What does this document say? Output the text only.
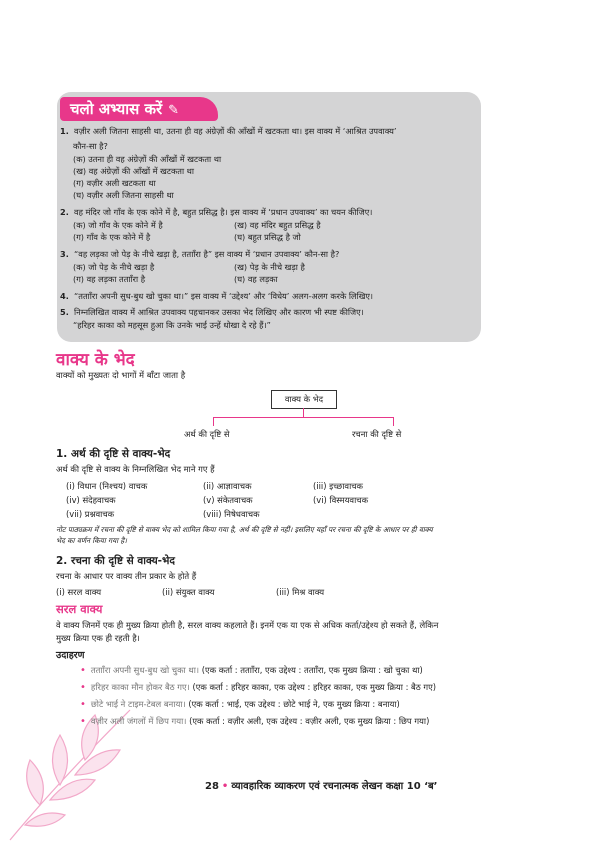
चलो अभ्यास करें ✎
1. वज़ीर अली जितना साहसी था, उतना ही वह अंग्रेज़ों की आँखों में खटकता था। इस वाक्य में ‘आश्रित उपवाक्य’
कौन-सा है?
(क) उतना ही वह अंग्रेज़ों की आँखों में खटकता था
(ख) वह अंग्रेज़ों की आँखों में खटकता था
(ग) वज़ीर अली खटकता था
(घ) वज़ीर अली जितना साहसी था
2. वह मंदिर जो गाँव के एक कोने में है, बहुत प्रसिद्ध है। इस वाक्य में ‘प्रधान उपवाक्य’ का चयन कीजिए।
(क) जो गाँव के एक कोने में है	(ख) वह मंदिर बहुत प्रसिद्ध है
(ग) गाँव के एक कोने में है	(घ) बहुत प्रसिद्ध है जो
3. “वह लड़का जो पेड़ के नीचे खड़ा है, ततााँरा है” इस वाक्य में ‘प्रधान उपवाक्य’ कौन-सा है?
(क) जो पेड़ के नीचे खड़ा है	(ख) पेड़ के नीचे खड़ा है
(ग) वह लड़का ततााँरा है	(घ) वह लड़का
4. “ततााँरा अपनी सुध-बुध खो चुका था।” इस वाक्य में ‘उद्देश्य’ और ‘विधेय’ अलग-अलग करके लिखिए।
5. निम्नलिखित वाक्य में आश्रित उपवाक्य पहचानकर उसका भेद लिखिए और कारण भी स्पष्ट कीजिए।
“हरिहर काका को महसूस हुआ कि उनके भाई उन्हें धोखा दे रहे हैं।”
वाक्य के भेद
वाक्यों को मुख्यतः दो भागों में बाँटा जाता है
वाक्य के भेद
अर्थ की दृष्टि से	रचना की दृष्टि से
1. अर्थ की दृष्टि से वाक्य-भेद
अर्थ की दृष्टि से वाक्य के निम्नलिखित भेद माने गए हैं
(i) विधान (निश्चय) वाचक	(ii) आज्ञावाचक	(iii) इच्छावाचक
(iv) संदेहवाचक	(v) संकेतवाचक	(vi) विस्मयवाचक
(vii) प्रश्नवाचक	(viii) निषेधवाचक
नोट पाठ्यक्रम में रचना की दृष्टि से वाक्य भेद को शामिल किया गया है, अर्थ की दृष्टि से नहीं। इसलिए यहाँ पर रचना की दृष्टि के आधार पर ही वाक्य
भेद का वर्णन किया गया है।
2. रचना की दृष्टि से वाक्य-भेद
रचना के आधार पर वाक्य तीन प्रकार के होते हैं
(i) सरल वाक्य	(ii) संयुक्त वाक्य	(iii) मिश्र वाक्य
सरल वाक्य
वे वाक्य जिनमें एक ही मुख्य क्रिया होती है, सरल वाक्य कहलाते हैं। इनमें एक या एक से अधिक कर्ता/उद्देश्य हो सकते हैं, लेकिन
मुख्य क्रिया एक ही रहती है।
उदाहरण
• ततााँरा अपनी सुध-बुध खो चुका था। (एक कर्ता : ततााँरा, एक उद्देश्य : ततााँरा, एक मुख्य क्रिया : खो चुका था)
• हरिहर काका मौन होकर बैठ गए। (एक कर्ता : हरिहर काका, एक उद्देश्य : हरिहर काका, एक मुख्य क्रिया : बैठ गए)
• छोटे भाई ने टाइम-टेबल बनाया। (एक कर्ता : भाई, एक उद्देश्य : छोटे भाई ने, एक मुख्य क्रिया : बनाया)
• वज़ीर अली जंगलों में छिप गया। (एक कर्ता : वज़ीर अली, एक उद्देश्य : वज़ीर अली, एक मुख्य क्रिया : छिप गया)
28 • व्यावहारिक व्याकरण एवं रचनात्मक लेखन कक्षा 10 ‘ब’
